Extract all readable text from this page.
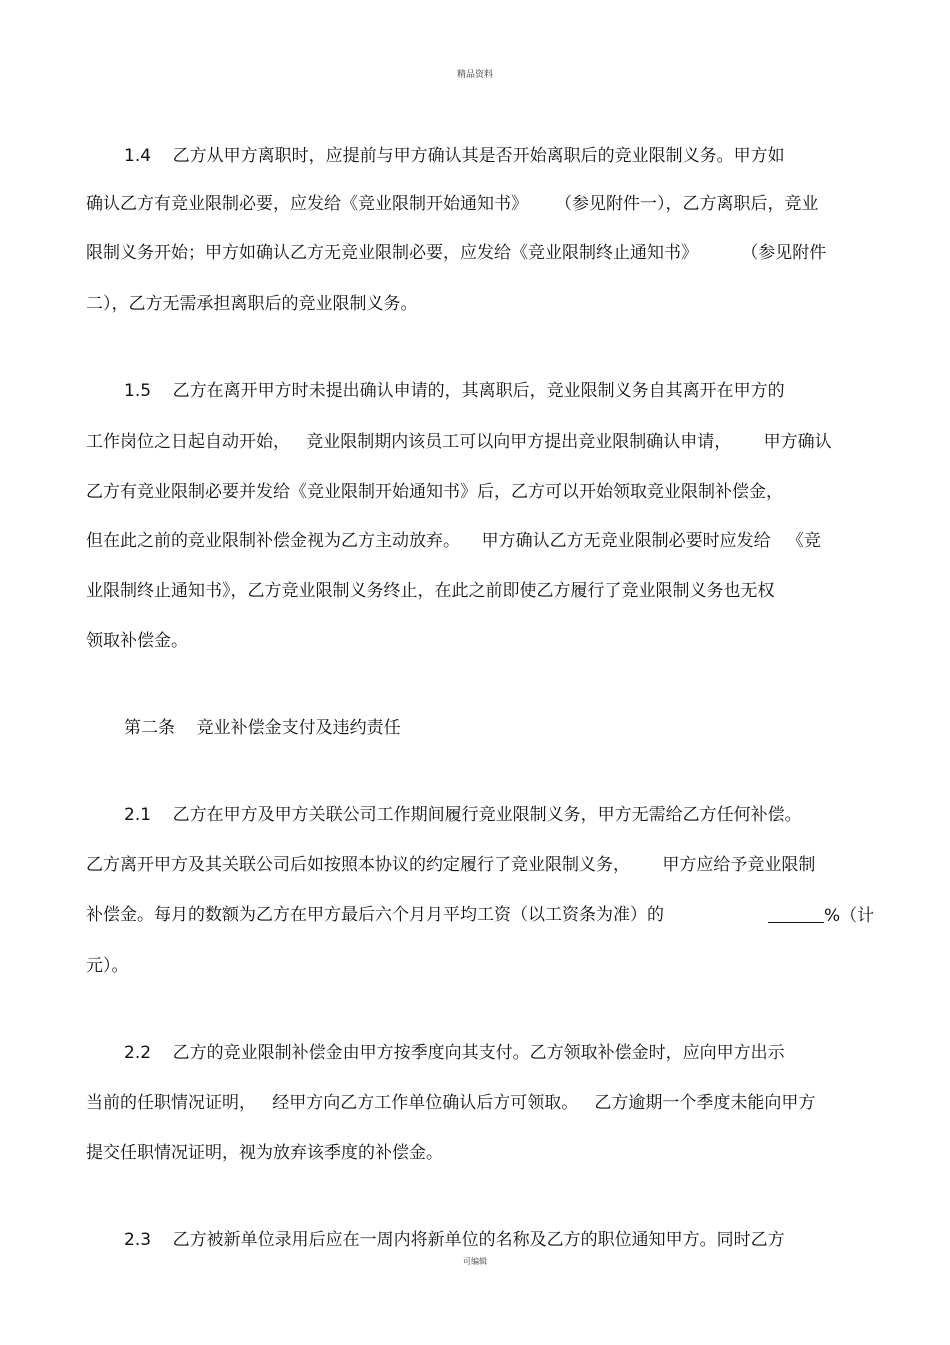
精品资料
1.4    乙方从甲方离职时，应提前与甲方确认其是否开始离职后的竞业限制义务。甲方如
确认乙方有竞业限制必要，应发给《竞业限制开始通知书》     （参见附件一），乙方离职后，竞业
限制义务开始；甲方如确认乙方无竞业限制必要，应发给《竞业限制终止通知书》        （参见附件
二），乙方无需承担离职后的竞业限制义务。
1.5    乙方在离开甲方时未提出确认申请的，其离职后，竞业限制义务自其离开在甲方的
工作岗位之日起自动开始，   竞业限制期内该员工可以向甲方提出竞业限制确认申请，      甲方确认
乙方有竞业限制必要并发给《竞业限制开始通知书》后，乙方可以开始领取竞业限制补偿金，
但在此之前的竞业限制补偿金视为乙方主动放弃。    甲方确认乙方无竞业限制必要时应发给   《竞
业限制终止通知书》，乙方竞业限制义务终止，在此之前即使乙方履行了竞业限制义务也无权
领取补偿金。
第二条    竞业补偿金支付及违约责任
2.1    乙方在甲方及甲方关联公司工作期间履行竞业限制义务，甲方无需给乙方任何补偿。
乙方离开甲方及其关联公司后如按照本协议的约定履行了竞业限制义务，      甲方应给予竞业限制
补偿金。每月的数额为乙方在甲方最后六个月月平均工资（以工资条为准）的	%（计
元）。
2.2    乙方的竞业限制补偿金由甲方按季度向其支付。乙方领取补偿金时，应向甲方出示
当前的任职情况证明，   经甲方向乙方工作单位确认后方可领取。   乙方逾期一个季度未能向甲方
提交任职情况证明，视为放弃该季度的补偿金。
2.3    乙方被新单位录用后应在一周内将新单位的名称及乙方的职位通知甲方。同时乙方
可编辑
